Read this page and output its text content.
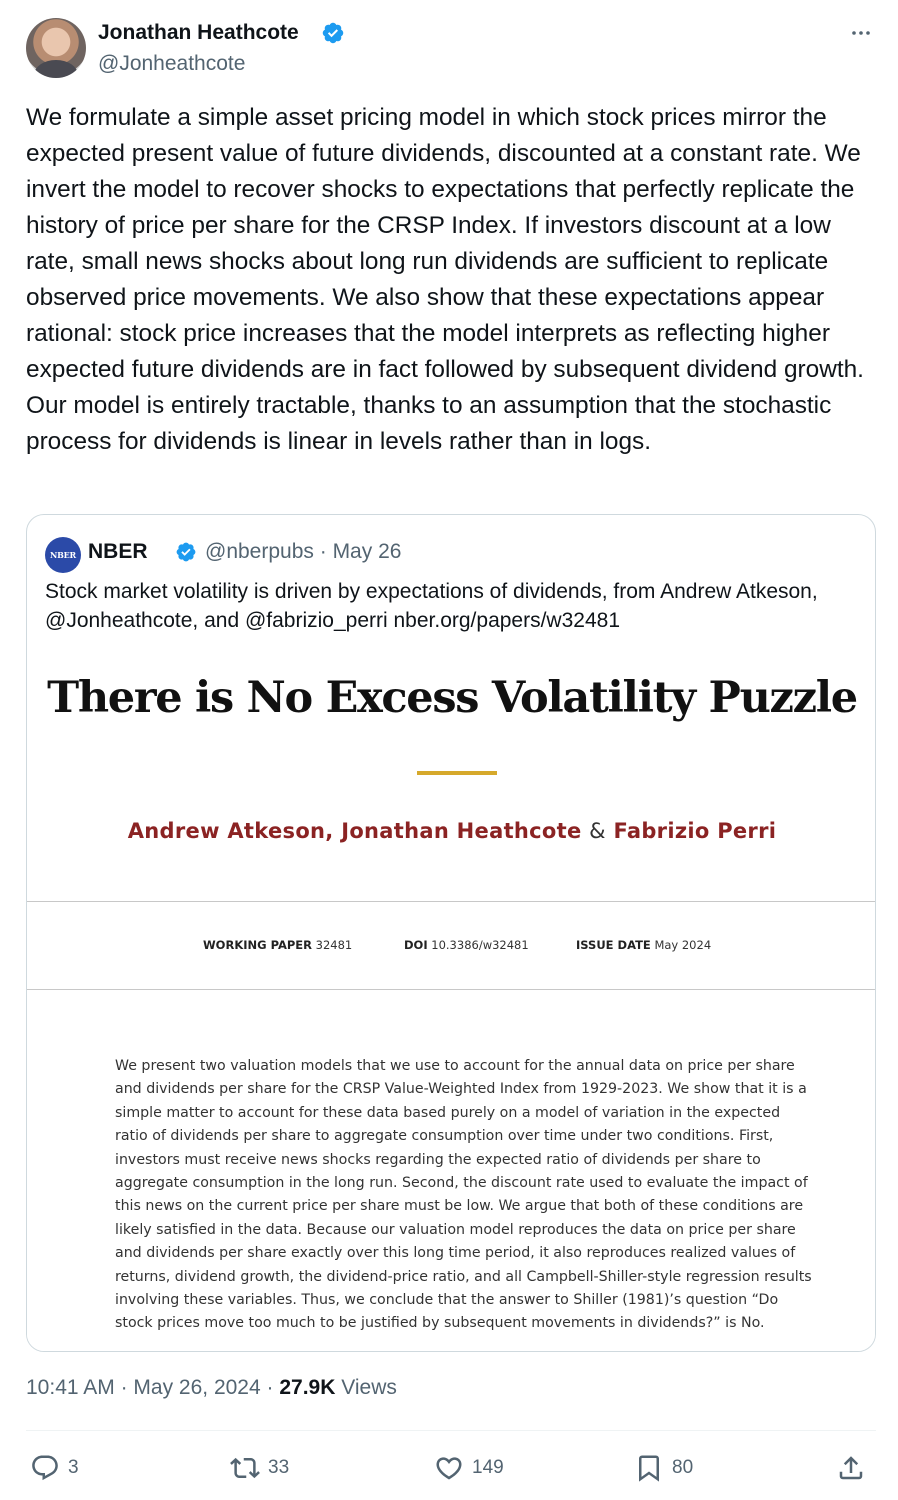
Jonathan Heathcote
@Jonheathcote
We formulate a simple asset pricing model in which stock prices mirror the expected present value of future dividends, discounted at a constant rate. We invert the model to recover shocks to expectations that perfectly replicate the history of price per share for the CRSP Index. If investors discount at a low rate, small news shocks about long run dividends are sufficient to replicate observed price movements. We also show that these expectations appear rational: stock price increases that the model interprets as reflecting higher expected future dividends are in fact followed by subsequent dividend growth. Our model is entirely tractable, thanks to an assumption that the stochastic process for dividends is linear in levels rather than in logs.
NBER NBER	@nberpubs · May 26
Stock market volatility is driven by expectations of dividends, from Andrew Atkeson, @Jonheathcote, and @fabrizio_perri nber.org/papers/w32481
There is No Excess Volatility Puzzle
Andrew Atkeson, Jonathan Heathcote & Fabrizio Perri
WORKING PAPER 32481	DOI 10.3386/w32481	ISSUE DATE May 2024
We present two valuation models that we use to account for the annual data on price per share and dividends per share for the CRSP Value-Weighted Index from 1929-2023. We show that it is a simple matter to account for these data based purely on a model of variation in the expected ratio of dividends per share to aggregate consumption over time under two conditions. First, investors must receive news shocks regarding the expected ratio of dividends per share to aggregate consumption in the long run. Second, the discount rate used to evaluate the impact of this news on the current price per share must be low. We argue that both of these conditions are likely satisfied in the data. Because our valuation model reproduces the data on price per share and dividends per share exactly over this long time period, it also reproduces realized values of returns, dividend growth, the dividend-price ratio, and all Campbell-Shiller-style regression results involving these variables. Thus, we conclude that the answer to Shiller (1981)’s question “Do stock prices move too much to be justified by subsequent movements in dividends?” is No.
10:41 AM · May 26, 2024 · 27.9K Views
3	33	149	80
